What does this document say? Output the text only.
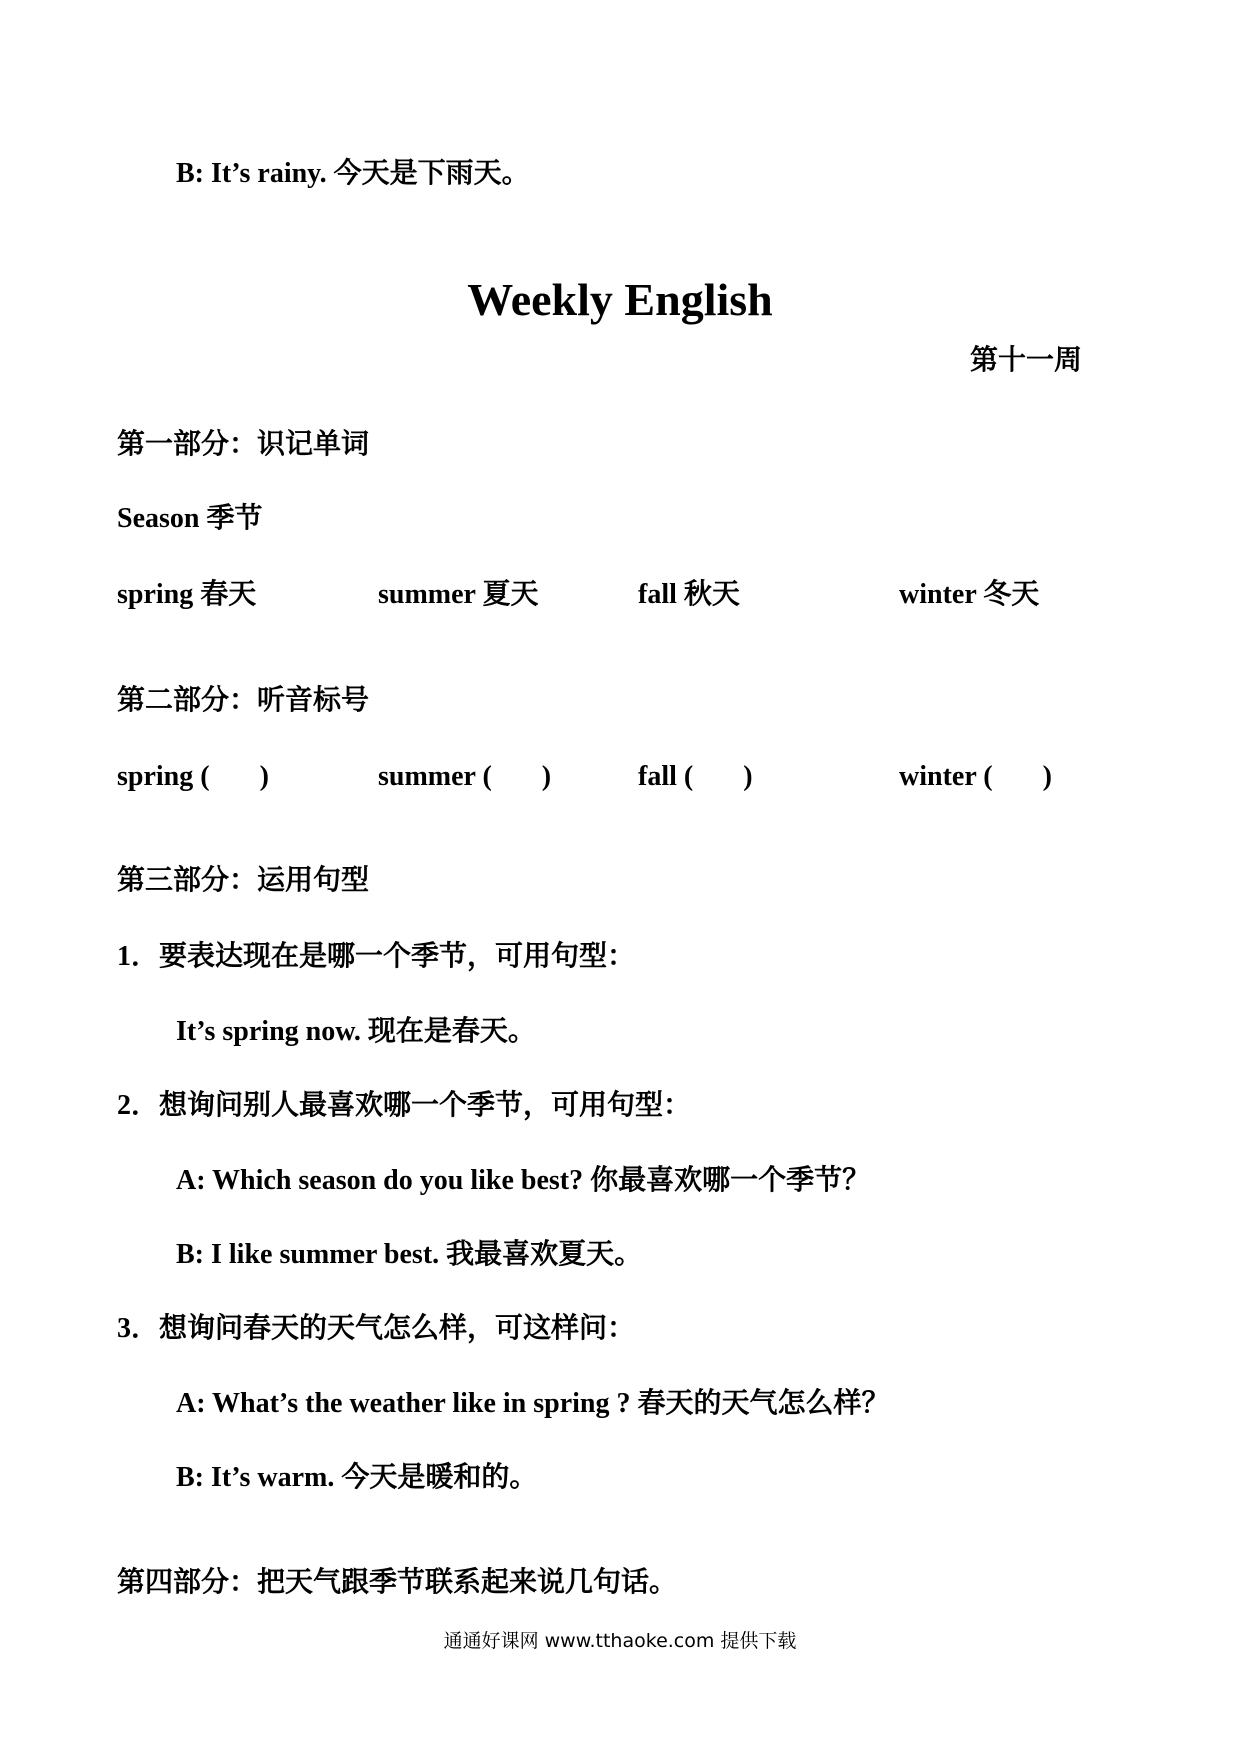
B: It’s rainy. 今天是下雨天。
Weekly English
第十一周
第一部分：识记单词
Season 季节
spring 春天	summer 夏天	fall 秋天	winter 冬天
第二部分：听音标号
spring ( )	summer ( )	fall ( )	winter ( )
第三部分：运用句型
1．要表达现在是哪一个季节，可用句型：
It’s spring now. 现在是春天。
2．想询问别人最喜欢哪一个季节，可用句型：
A: Which season do you like best? 你最喜欢哪一个季节？
B: I like summer best. 我最喜欢夏天。
3．想询问春天的天气怎么样，可这样问：
A: What’s the weather like in spring ? 春天的天气怎么样？
B: It’s warm. 今天是暖和的。
第四部分：把天气跟季节联系起来说几句话。
通通好课网 www.tthaoke.com 提供下载
